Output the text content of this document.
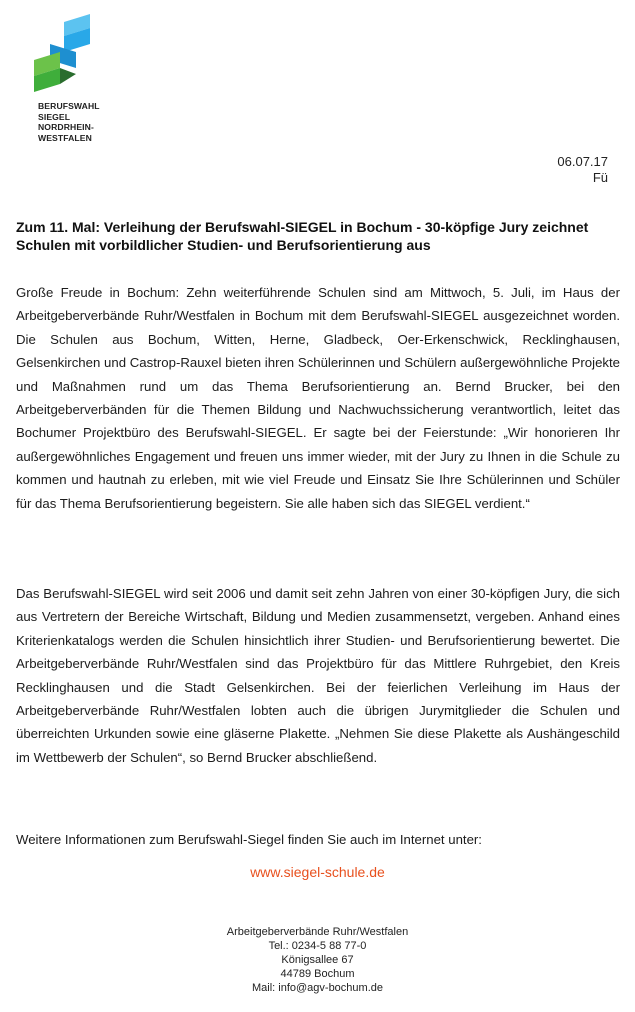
BERUFSWAHL
SIEGEL
NORDRHEIN-
WESTFALEN
06.07.17
Fü
Zum 11. Mal: Verleihung der Berufswahl-SIEGEL in Bochum - 30-köpfige Jury zeichnet Schulen mit vorbildlicher Studien- und Berufsorientierung aus
Große Freude in Bochum: Zehn weiterführende Schulen sind am Mittwoch, 5. Juli, im Haus der Arbeitgeberverbände Ruhr/Westfalen in Bochum mit dem Berufswahl-SIEGEL ausgezeichnet worden. Die Schulen aus Bochum, Witten, Herne, Gladbeck, Oer-Erkenschwick, Recklinghausen, Gelsenkirchen und Castrop-Rauxel bieten ihren Schülerinnen und Schülern außergewöhnliche Projekte und Maßnahmen rund um das Thema Berufsorientierung an. Bernd Brucker, bei den Arbeitgeberverbänden für die Themen Bildung und Nachwuchssicherung verantwortlich, leitet das Bochumer Projektbüro des Berufswahl-SIEGEL. Er sagte bei der Feierstunde: „Wir honorieren Ihr außergewöhnliches Engagement und freuen uns immer wieder, mit der Jury zu Ihnen in die Schule zu kommen und hautnah zu erleben, mit wie viel Freude und Einsatz Sie Ihre Schülerinnen und Schüler für das Thema Berufsorientierung begeistern. Sie alle haben sich das SIEGEL verdient.“
Das Berufswahl-SIEGEL wird seit 2006 und damit seit zehn Jahren von einer 30-köpfigen Jury, die sich aus Vertretern der Bereiche Wirtschaft, Bildung und Medien zusammensetzt, vergeben. Anhand eines Kriterienkatalogs werden die Schulen hinsichtlich ihrer Studien- und Berufsorientierung bewertet. Die Arbeitgeberverbände Ruhr/Westfalen sind das Projektbüro für das Mittlere Ruhrgebiet, den Kreis Recklinghausen und die Stadt Gelsenkirchen. Bei der feierlichen Verleihung im Haus der Arbeitgeberverbände Ruhr/Westfalen lobten auch die übrigen Jurymitglieder die Schulen und überreichten Urkunden sowie eine gläserne Plakette. „Nehmen Sie diese Plakette als Aushängeschild im Wettbewerb der Schulen“, so Bernd Brucker abschließend.
Weitere Informationen zum Berufswahl-Siegel finden Sie auch im Internet unter:
www.siegel-schule.de
Arbeitgeberverbände Ruhr/Westfalen
Tel.: 0234-5 88 77-0
Königsallee 67
44789 Bochum
Mail: info@agv-bochum.de
